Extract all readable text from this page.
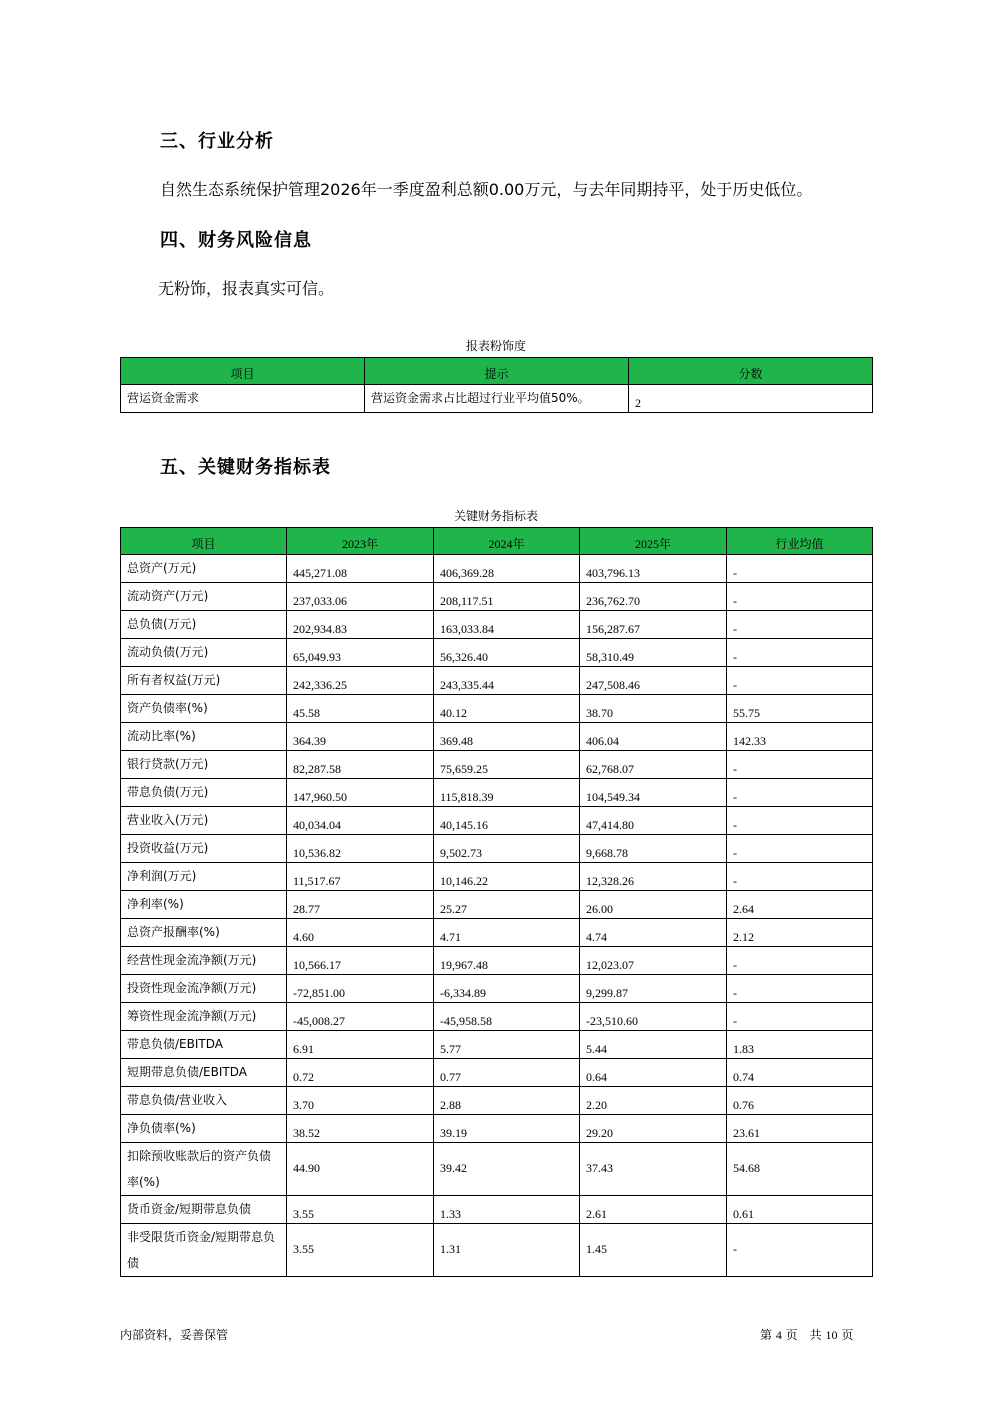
三、行业分析
自然生态系统保护管理2026年一季度盈利总额0.00万元，与去年同期持平，处于历史低位。
四、财务风险信息
无粉饰，报表真实可信。
报表粉饰度
项目	提示	分数
营运资金需求	营运资金需求占比超过行业平均值50%。	2
五、关键财务指标表
关键财务指标表
项目	2023年	2024年	2025年	行业均值
总资产(万元)	445,271.08	406,369.28	403,796.13	-
流动资产(万元)	237,033.06	208,117.51	236,762.70	-
总负债(万元)	202,934.83	163,033.84	156,287.67	-
流动负债(万元)	65,049.93	56,326.40	58,310.49	-
所有者权益(万元)	242,336.25	243,335.44	247,508.46	-
资产负债率(%)	45.58	40.12	38.70	55.75
流动比率(%)	364.39	369.48	406.04	142.33
银行贷款(万元)	82,287.58	75,659.25	62,768.07	-
带息负债(万元)	147,960.50	115,818.39	104,549.34	-
营业收入(万元)	40,034.04	40,145.16	47,414.80	-
投资收益(万元)	10,536.82	9,502.73	9,668.78	-
净利润(万元)	11,517.67	10,146.22	12,328.26	-
净利率(%)	28.77	25.27	26.00	2.64
总资产报酬率(%)	4.60	4.71	4.74	2.12
经营性现金流净额(万元)	10,566.17	19,967.48	12,023.07	-
投资性现金流净额(万元)	-72,851.00	-6,334.89	9,299.87	-
筹资性现金流净额(万元)	-45,008.27	-45,958.58	-23,510.60	-
带息负债/EBITDA	6.91	5.77	5.44	1.83
短期带息负债/EBITDA	0.72	0.77	0.64	0.74
带息负债/营业收入	3.70	2.88	2.20	0.76
净负债率(%)	38.52	39.19	29.20	23.61
扣除预收账款后的资产负债率(%)	44.90	39.42	37.43	54.68
货币资金/短期带息负债	3.55	1.33	2.61	0.61
非受限货币资金/短期带息负债	3.55	1.31	1.45	-
内部资料，妥善保管	第 4 页　共 10 页
